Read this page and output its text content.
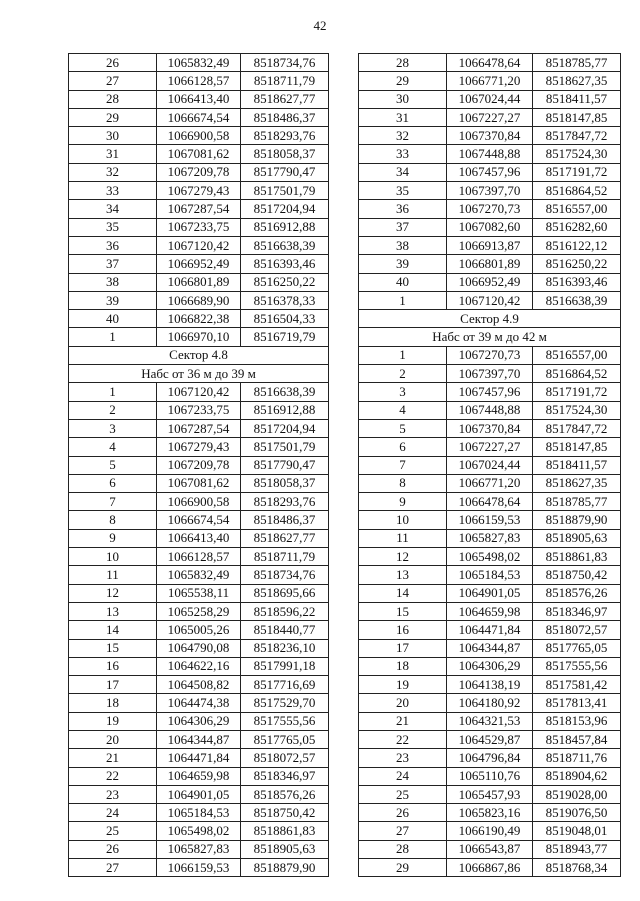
42
26	1065832,49	8518734,76
27	1066128,57	8518711,79
28	1066413,40	8518627,77
29	1066674,54	8518486,37
30	1066900,58	8518293,76
31	1067081,62	8518058,37
32	1067209,78	8517790,47
33	1067279,43	8517501,79
34	1067287,54	8517204,94
35	1067233,75	8516912,88
36	1067120,42	8516638,39
37	1066952,49	8516393,46
38	1066801,89	8516250,22
39	1066689,90	8516378,33
40	1066822,38	8516504,33
1	1066970,10	8516719,79
Сектор 4.8		
Набс от 36 м до 39 м		
1	1067120,42	8516638,39
2	1067233,75	8516912,88
3	1067287,54	8517204,94
4	1067279,43	8517501,79
5	1067209,78	8517790,47
6	1067081,62	8518058,37
7	1066900,58	8518293,76
8	1066674,54	8518486,37
9	1066413,40	8518627,77
10	1066128,57	8518711,79
11	1065832,49	8518734,76
12	1065538,11	8518695,66
13	1065258,29	8518596,22
14	1065005,26	8518440,77
15	1064790,08	8518236,10
16	1064622,16	8517991,18
17	1064508,82	8517716,69
18	1064474,38	8517529,70
19	1064306,29	8517555,56
20	1064344,87	8517765,05
21	1064471,84	8518072,57
22	1064659,98	8518346,97
23	1064901,05	8518576,26
24	1065184,53	8518750,42
25	1065498,02	8518861,83
26	1065827,83	8518905,63
27	1066159,53	8518879,90
28	1066478,64	8518785,77
29	1066771,20	8518627,35
30	1067024,44	8518411,57
31	1067227,27	8518147,85
32	1067370,84	8517847,72
33	1067448,88	8517524,30
34	1067457,96	8517191,72
35	1067397,70	8516864,52
36	1067270,73	8516557,00
37	1067082,60	8516282,60
38	1066913,87	8516122,12
39	1066801,89	8516250,22
40	1066952,49	8516393,46
1	1067120,42	8516638,39
Сектор 4.9		
Набс от 39 м до 42 м		
1	1067270,73	8516557,00
2	1067397,70	8516864,52
3	1067457,96	8517191,72
4	1067448,88	8517524,30
5	1067370,84	8517847,72
6	1067227,27	8518147,85
7	1067024,44	8518411,57
8	1066771,20	8518627,35
9	1066478,64	8518785,77
10	1066159,53	8518879,90
11	1065827,83	8518905,63
12	1065498,02	8518861,83
13	1065184,53	8518750,42
14	1064901,05	8518576,26
15	1064659,98	8518346,97
16	1064471,84	8518072,57
17	1064344,87	8517765,05
18	1064306,29	8517555,56
19	1064138,19	8517581,42
20	1064180,92	8517813,41
21	1064321,53	8518153,96
22	1064529,87	8518457,84
23	1064796,84	8518711,76
24	1065110,76	8518904,62
25	1065457,93	8519028,00
26	1065823,16	8519076,50
27	1066190,49	8519048,01
28	1066543,87	8518943,77
29	1066867,86	8518768,34
